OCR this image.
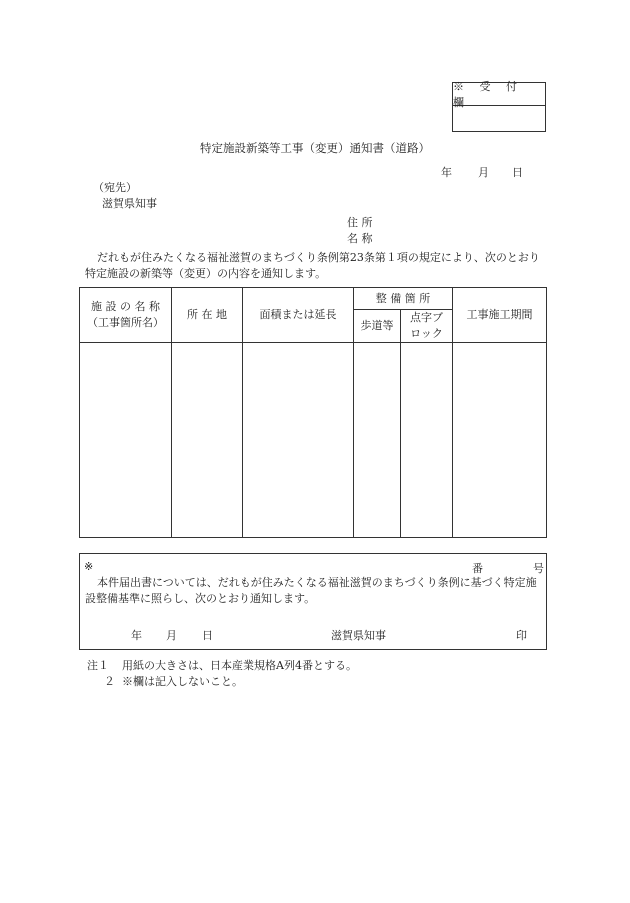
※ 受 付 欄
特定施設新築等工事（変更）通知書（道路）
年 月 日
（宛先）
滋賀県知事
住 所
名 称
だれもが住みたくなる福祉滋賀のまちづくり条例第23条第１項の規定により、次のとおり特定施設の新築等（変更）の内容を通知します。
施 設 の 名 称
（工事箇所名）	所 在 地	面積または延長	整 備 箇 所		工事施工期間
			歩道等	点字ブ
ロック	

※	番	号
本件届出書については、だれもが住みたくなる福祉滋賀のまちづくり条例に基づく特定施設整備基準に照らし、次のとおり通知します。
年 月 日	滋賀県知事	印
注１ 用紙の大きさは、日本産業規格A列4番とする。
２ ※欄は記入しないこと。
